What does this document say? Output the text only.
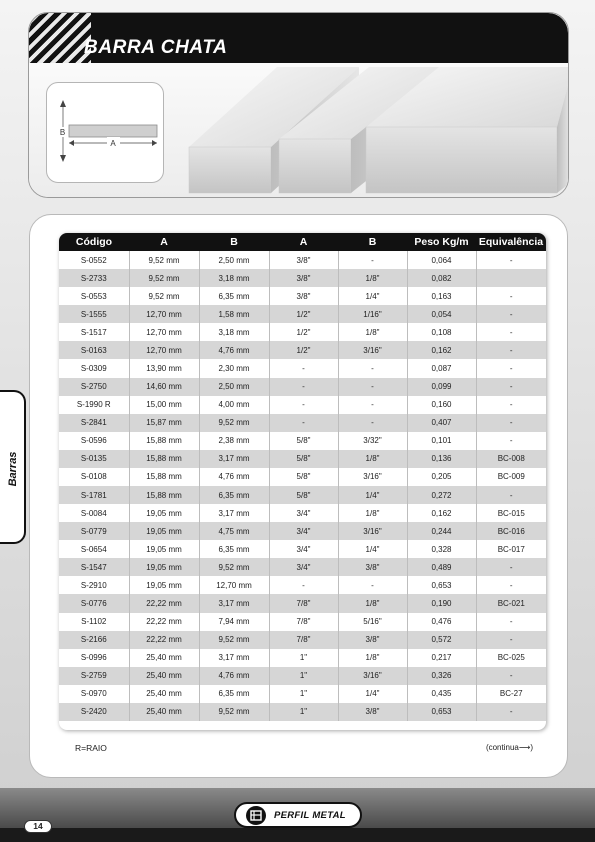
BARRA CHATA
A
B
Barras
Código	A	B	A	B	Peso Kg/m	Equivalência
S-0552	9,52 mm	2,50 mm	3/8"	-	0,064	-
S-2733	9,52 mm	3,18 mm	3/8"	1/8"	0,082	
S-0553	9,52 mm	6,35 mm	3/8"	1/4"	0,163	-
S-1555	12,70 mm	1,58 mm	1/2"	1/16"	0,054	-
S-1517	12,70 mm	3,18 mm	1/2"	1/8"	0,108	-
S-0163	12,70 mm	4,76 mm	1/2"	3/16"	0,162	-
S-0309	13,90 mm	2,30 mm	-	-	0,087	-
S-2750	14,60 mm	2,50 mm	-	-	0,099	-
S-1990 R	15,00 mm	4,00 mm	-	-	0,160	-
S-2841	15,87 mm	9,52 mm	-	-	0,407	-
S-0596	15,88 mm	2,38 mm	5/8"	3/32"	0,101	-
S-0135	15,88 mm	3,17 mm	5/8"	1/8"	0,136	BC-008
S-0108	15,88 mm	4,76 mm	5/8"	3/16"	0,205	BC-009
S-1781	15,88 mm	6,35 mm	5/8"	1/4"	0,272	-
S-0084	19,05 mm	3,17 mm	3/4"	1/8"	0,162	BC-015
S-0779	19,05 mm	4,75 mm	3/4"	3/16"	0,244	BC-016
S-0654	19,05 mm	6,35 mm	3/4"	1/4"	0,328	BC-017
S-1547	19,05 mm	9,52 mm	3/4"	3/8"	0,489	-
S-2910	19,05 mm	12,70 mm	-	-	0,653	-
S-0776	22,22 mm	3,17 mm	7/8"	1/8"	0,190	BC-021
S-1102	22,22 mm	7,94 mm	7/8"	5/16"	0,476	-
S-2166	22,22 mm	9,52 mm	7/8"	3/8"	0,572	-
S-0996	25,40 mm	3,17 mm	1"	1/8"	0,217	BC-025
S-2759	25,40 mm	4,76 mm	1"	3/16"	0,326	-
S-0970	25,40 mm	6,35 mm	1"	1/4"	0,435	BC-27
S-2420	25,40 mm	9,52 mm	1"	3/8"	0,653	-
R=RAIO	(continua⟶)
14
PERFIL METAL
